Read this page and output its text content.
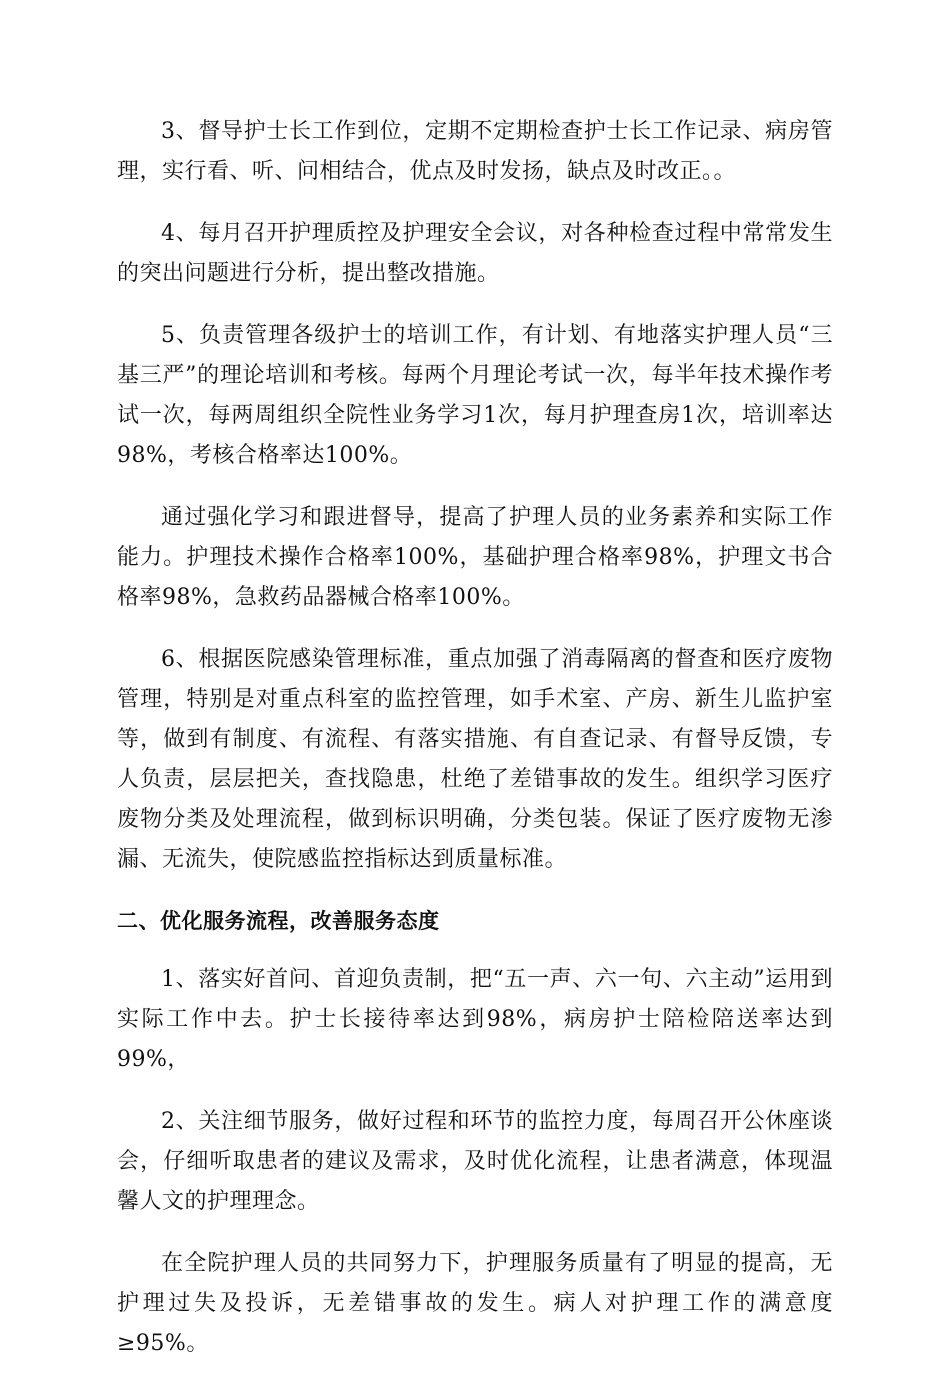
3、督导护士长工作到位，定期不定期检查护士长工作记录、病房管理，实行看、听、问相结合，优点及时发扬，缺点及时改正。。

4、每月召开护理质控及护理安全会议，对各种检查过程中常常发生的突出问题进行分析，提出整改措施。

5、负责管理各级护士的培训工作，有计划、有地落实护理人员“三基三严”的理论培训和考核。每两个月理论考试一次，每半年技术操作考试一次，每两周组织全院性业务学习1次，每月护理查房1次，培训率达98%，考核合格率达100%。

通过强化学习和跟进督导，提高了护理人员的业务素养和实际工作能力。护理技术操作合格率100%，基础护理合格率98%，护理文书合格率98%，急救药品器械合格率100%。

6、根据医院感染管理标准，重点加强了消毒隔离的督查和医疗废物管理，特别是对重点科室的监控管理，如手术室、产房、新生儿监护室等，做到有制度、有流程、有落实措施、有自查记录、有督导反馈，专人负责，层层把关，查找隐患，杜绝了差错事故的发生。组织学习医疗废物分类及处理流程，做到标识明确，分类包装。保证了医疗废物无渗漏、无流失，使院感监控指标达到质量标准。

二、优化服务流程，改善服务态度

1、落实好首问、首迎负责制，把“五一声、六一句、六主动”运用到实际工作中去。护士长接待率达到98%，病房护士陪检陪送率达到99%，

2、关注细节服务，做好过程和环节的监控力度，每周召开公休座谈会，仔细听取患者的建议及需求，及时优化流程，让患者满意，体现温馨人文的护理理念。

在全院护理人员的共同努力下，护理服务质量有了明显的提高，无护理过失及投诉，无差错事故的发生。病人对护理工作的满意度≥95%。
